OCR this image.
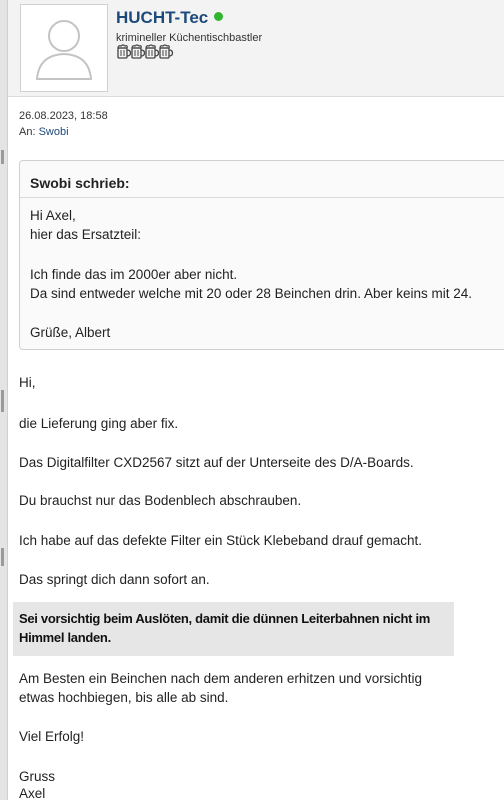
HUCHT-Tec
krimineller Küchentischbastler
26.08.2023, 18:58
An: Swobi
Swobi schrieb:
Hi Axel,
hier das Ersatzteil:
Ich finde das im 2000er aber nicht.
Da sind entweder welche mit 20 oder 28 Beinchen drin. Aber keins mit 24.
Grüße, Albert
Hi,
die Lieferung ging aber fix.
Das Digitalfilter CXD2567 sitzt auf der Unterseite des D/A-Boards.
Du brauchst nur das Bodenblech abschrauben.
Ich habe auf das defekte Filter ein Stück Klebeband drauf gemacht.
Das springt dich dann sofort an.
Sei vorsichtig beim Auslöten, damit die dünnen Leiterbahnen nicht im
Himmel landen.
Am Besten ein Beinchen nach dem anderen erhitzen und vorsichtig
etwas hochbiegen, bis alle ab sind.
Viel Erfolg!
Gruss
Axel
